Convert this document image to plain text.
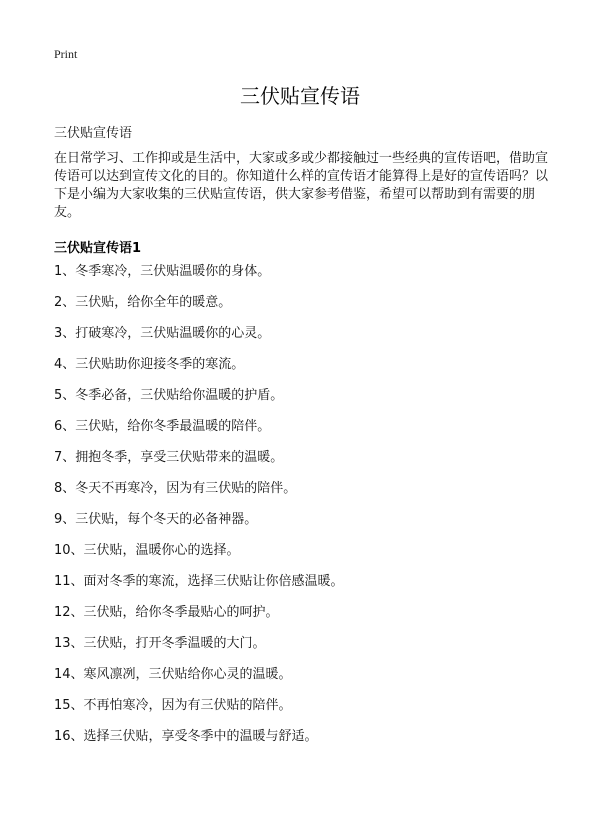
Print
三伏贴宣传语
三伏贴宣传语

在日常学习、工作抑或是生活中，大家或多或少都接触过一些经典的宣传语吧，借助宣传语可以达到宣传文化的目的。你知道什么样的宣传语才能算得上是好的宣传语吗？以下是小编为大家收集的三伏贴宣传语，供大家参考借鉴，希望可以帮助到有需要的朋友。

三伏贴宣传语1
1、冬季寒冷，三伏贴温暖你的身体。
2、三伏贴，给你全年的暖意。
3、打破寒冷，三伏贴温暖你的心灵。
4、三伏贴助你迎接冬季的寒流。
5、冬季必备，三伏贴给你温暖的护盾。
6、三伏贴，给你冬季最温暖的陪伴。
7、拥抱冬季，享受三伏贴带来的温暖。
8、冬天不再寒冷，因为有三伏贴的陪伴。
9、三伏贴，每个冬天的必备神器。
10、三伏贴，温暖你心的选择。
11、面对冬季的寒流，选择三伏贴让你倍感温暖。
12、三伏贴，给你冬季最贴心的呵护。
13、三伏贴，打开冬季温暖的大门。
14、寒风凛冽，三伏贴给你心灵的温暖。
15、不再怕寒冷，因为有三伏贴的陪伴。
16、选择三伏贴，享受冬季中的温暖与舒适。
